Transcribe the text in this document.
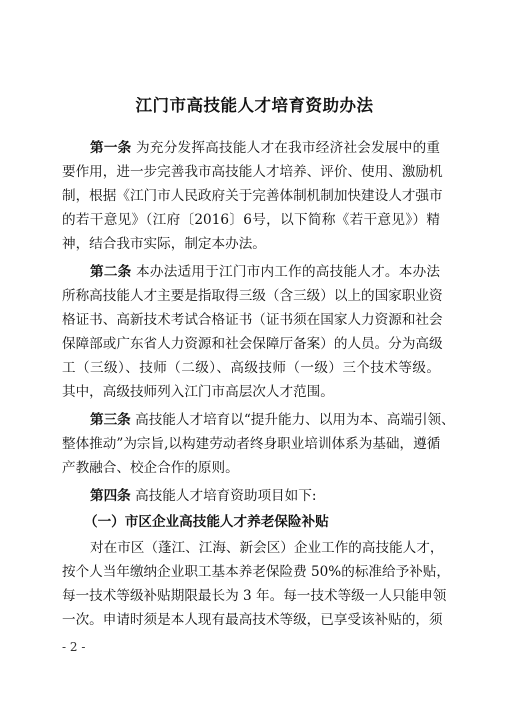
江门市高技能人才培育资助办法
第一条 为充分发挥高技能人才在我市经济社会发展中的重
要作用，进一步完善我市高技能人才培养、评价、使用、激励机
制，根据《江门市人民政府关于完善体制机制加快建设人才强市
的若干意见》（江府〔2016〕6号，以下简称《若干意见》）精
神，结合我市实际，制定本办法。
第二条 本办法适用于江门市内工作的高技能人才。本办法
所称高技能人才主要是指取得三级（含三级）以上的国家职业资
格证书、高新技术考试合格证书（证书须在国家人力资源和社会
保障部或广东省人力资源和社会保障厅备案）的人员。分为高级
工（三级）、技师（二级）、高级技师（一级）三个技术等级。
其中，高级技师列入江门市高层次人才范围。
第三条 高技能人才培育以“提升能力、以用为本、高端引领、
整体推动”为宗旨,以构建劳动者终身职业培训体系为基础，遵循
产教融合、校企合作的原则。
第四条 高技能人才培育资助项目如下:
（一）市区企业高技能人才养老保险补贴
对在市区（蓬江、江海、新会区）企业工作的高技能人才，
按个人当年缴纳企业职工基本养老保险费 50%的标准给予补贴，
每一技术等级补贴期限最长为 3 年。每一技术等级一人只能申领
一次。申请时须是本人现有最高技术等级，已享受该补贴的，须
- 2 -
